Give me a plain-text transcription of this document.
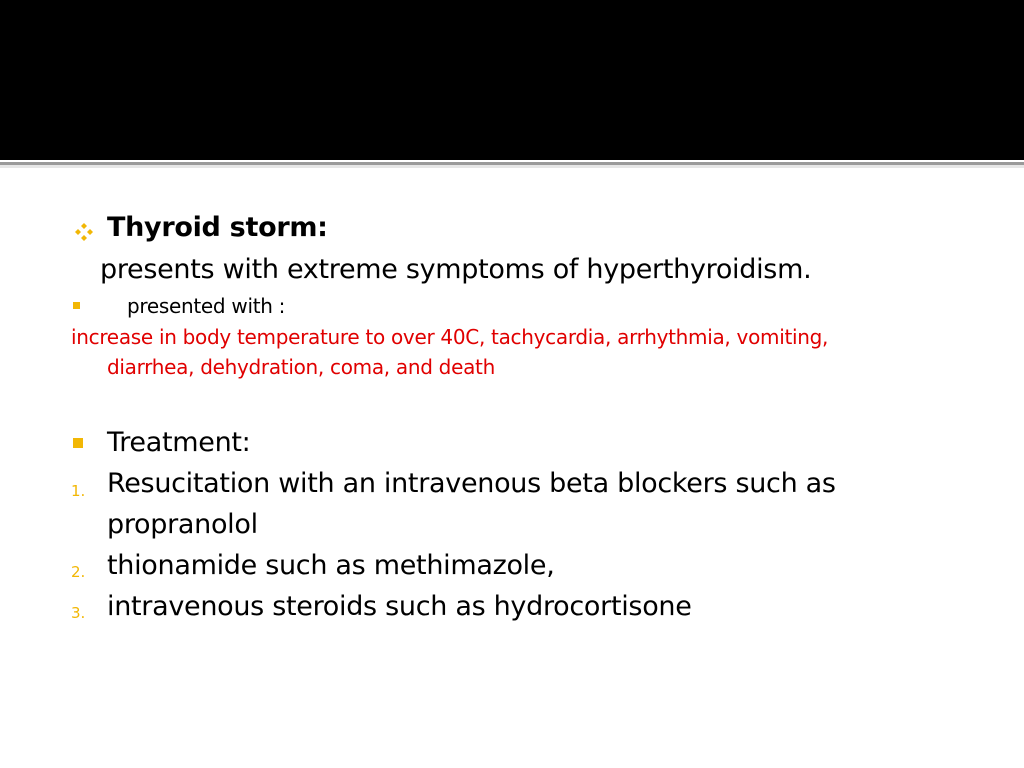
Thyroid storm:
presents with extreme symptoms of hyperthyroidism.
presented with :
increase in body temperature to over 40C, tachycardia, arrhythmia, vomiting,
diarrhea, dehydration, coma, and death
Treatment:
1. Resucitation with an intravenous beta blockers such as
propranolol
2. thionamide such as methimazole,
3. intravenous steroids such as hydrocortisone
